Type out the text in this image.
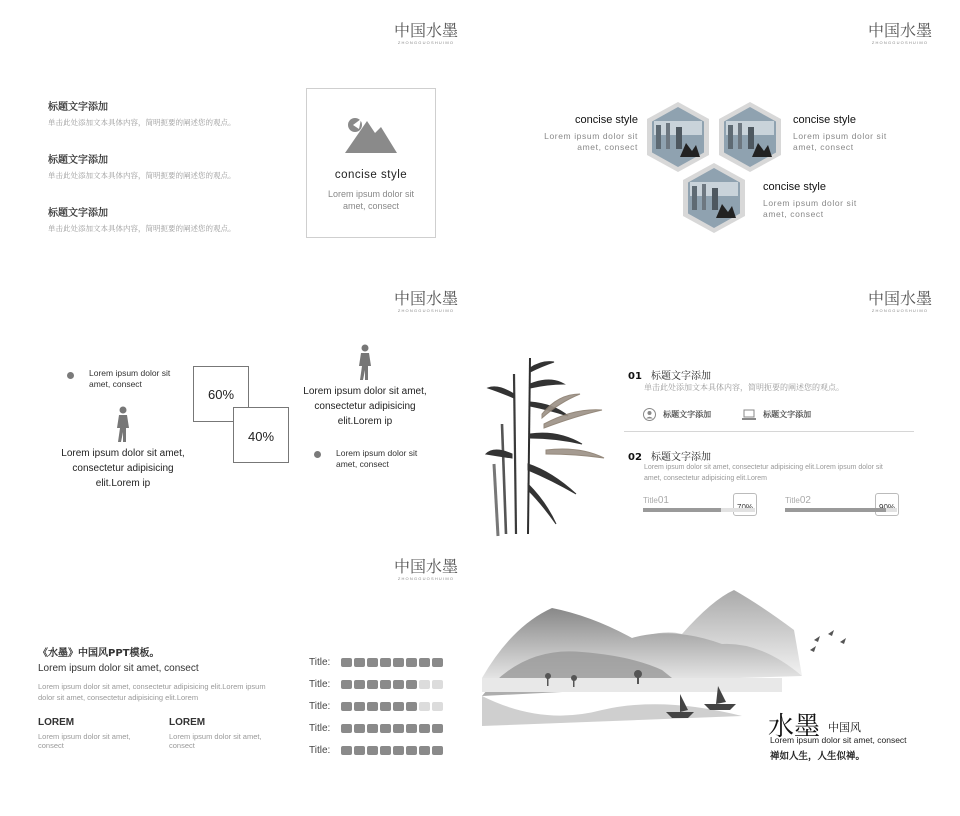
中国水墨
ZHONGGUOSHUIMO
标题文字添加
单击此处添加文本具体内容，简明扼要的阐述您的观点。
标题文字添加
单击此处添加文本具体内容，简明扼要的阐述您的观点。
标题文字添加
单击此处添加文本具体内容，简明扼要的阐述您的观点。
concise style
Lorem ipsum dolor sit
amet, consect
中国水墨
ZHONGGUOSHUIMO
concise style
Lorem ipsum dolor sit
amet, consect
concise style
Lorem ipsum dolor sit
amet, consect
concise style
Lorem ipsum dolor sit
amet, consect
中国水墨
ZHONGGUOSHUIMO
Lorem ipsum dolor sit
amet, consect
Lorem ipsum dolor sit amet,
consectetur adipisicing
elit.Lorem ip
60%
40%
Lorem ipsum dolor sit amet,
consectetur adipisicing
elit.Lorem ip
Lorem ipsum dolor sit
amet, consect
中国水墨
ZHONGGUOSHUIMO
01 标题文字添加
单击此处添加文本具体内容，简明扼要的阐述您的观点。
标题文字添加	标题文字添加
02 标题文字添加
Lorem ipsum dolor sit amet, consectetur adipisicing elit.Lorem ipsum dolor sit
amet, consectetur adipisicing elit.Lorem
Title01	Title02
中国水墨
ZHONGGUOSHUIMO
《水墨》中国风PPT模板。
Lorem ipsum dolor sit amet, consect
Lorem ipsum dolor sit amet, consectetur adipisicing elit.Lorem ipsum
dolor sit amet, consectetur adipisicing elit.Lorem
LOREM
Lorem ipsum dolor sit amet,
consect
LOREM
Lorem ipsum dolor sit amet,
consect
Title:
Title:
Title:
Title:
Title:
水墨 中国风
Lorem ipsum dolor sit amet, consect
禅如人生，人生似禅。
